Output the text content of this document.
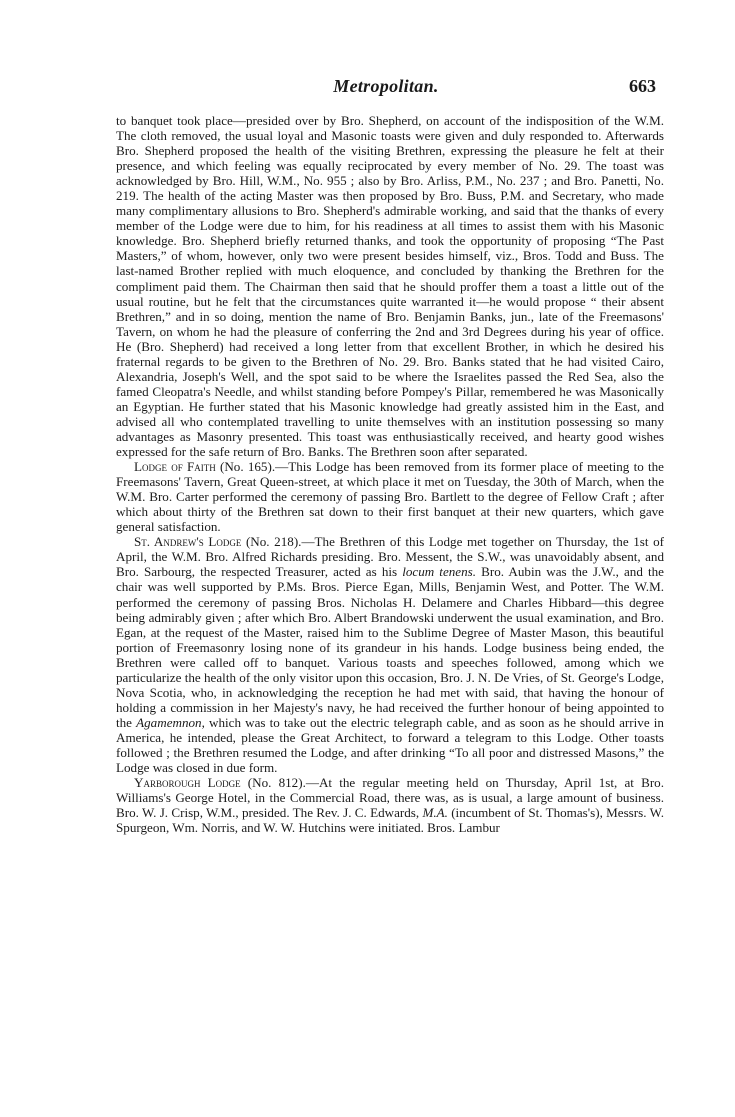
Metropolitan.	663

to banquet took place—presided over by Bro. Shepherd, on account of the indisposition of the W.M. The cloth removed, the usual loyal and Masonic toasts were given and duly responded to. Afterwards Bro. Shepherd proposed the health of the visiting Brethren, expressing the pleasure he felt at their presence, and which feeling was equally reciprocated by every member of No. 29. The toast was acknowledged by Bro. Hill, W.M., No. 955 ; also by Bro. Arliss, P.M., No. 237 ; and Bro. Panetti, No. 219. The health of the acting Master was then proposed by Bro. Buss, P.M. and Secretary, who made many complimentary allusions to Bro. Shepherd's admirable working, and said that the thanks of every member of the Lodge were due to him, for his readiness at all times to assist them with his Masonic knowledge. Bro. Shepherd briefly returned thanks, and took the opportunity of proposing “The Past Masters,” of whom, however, only two were present besides himself, viz., Bros. Todd and Buss. The last-named Brother replied with much eloquence, and concluded by thanking the Brethren for the compliment paid them. The Chairman then said that he should proffer them a toast a little out of the usual routine, but he felt that the circumstances quite warranted it—he would propose “ their absent Brethren,” and in so doing, mention the name of Bro. Benjamin Banks, jun., late of the Freemasons' Tavern, on whom he had the pleasure of conferring the 2nd and 3rd Degrees during his year of office. He (Bro. Shepherd) had received a long letter from that excellent Brother, in which he desired his fraternal regards to be given to the Brethren of No. 29. Bro. Banks stated that he had visited Cairo, Alexandria, Joseph's Well, and the spot said to be where the Israelites passed the Red Sea, also the famed Cleopatra's Needle, and whilst standing before Pompey's Pillar, remembered he was Masonically an Egyptian. He further stated that his Masonic knowledge had greatly assisted him in the East, and advised all who contemplated travelling to unite themselves with an institution possessing so many advantages as Masonry presented. This toast was enthusiastically received, and hearty good wishes expressed for the safe return of Bro. Banks. The Brethren soon after separated.

Lodge of Faith (No. 165).—This Lodge has been removed from its former place of meeting to the Freemasons' Tavern, Great Queen-street, at which place it met on Tuesday, the 30th of March, when the W.M. Bro. Carter performed the ceremony of passing Bro. Bartlett to the degree of Fellow Craft ; after which about thirty of the Brethren sat down to their first banquet at their new quarters, which gave general satisfaction.

St. Andrew's Lodge (No. 218).—The Brethren of this Lodge met together on Thursday, the 1st of April, the W.M. Bro. Alfred Richards presiding. Bro. Messent, the S.W., was unavoidably absent, and Bro. Sarbourg, the respected Treasurer, acted as his locum tenens. Bro. Aubin was the J.W., and the chair was well supported by P.Ms. Bros. Pierce Egan, Mills, Benjamin West, and Potter. The W.M. performed the ceremony of passing Bros. Nicholas H. Delamere and Charles Hibbard—this degree being admirably given ; after which Bro. Albert Brandowski underwent the usual examination, and Bro. Egan, at the request of the Master, raised him to the Sublime Degree of Master Mason, this beautiful portion of Freemasonry losing none of its grandeur in his hands. Lodge business being ended, the Brethren were called off to banquet. Various toasts and speeches followed, among which we particularize the health of the only visitor upon this occasion, Bro. J. N. De Vries, of St. George's Lodge, Nova Scotia, who, in acknowledging the reception he had met with said, that having the honour of holding a commission in her Majesty's navy, he had received the further honour of being appointed to the Agamemnon, which was to take out the electric telegraph cable, and as soon as he should arrive in America, he intended, please the Great Architect, to forward a telegram to this Lodge. Other toasts followed ; the Brethren resumed the Lodge, and after drinking “To all poor and distressed Masons,” the Lodge was closed in due form.

Yarborough Lodge (No. 812).—At the regular meeting held on Thursday, April 1st, at Bro. Williams's George Hotel, in the Commercial Road, there was, as is usual, a large amount of business. Bro. W. J. Crisp, W.M., presided. The Rev. J. C. Edwards, M.A. (incumbent of St. Thomas's), Messrs. W. Spurgeon, Wm. Norris, and W. W. Hutchins were initiated. Bros. Lambur
